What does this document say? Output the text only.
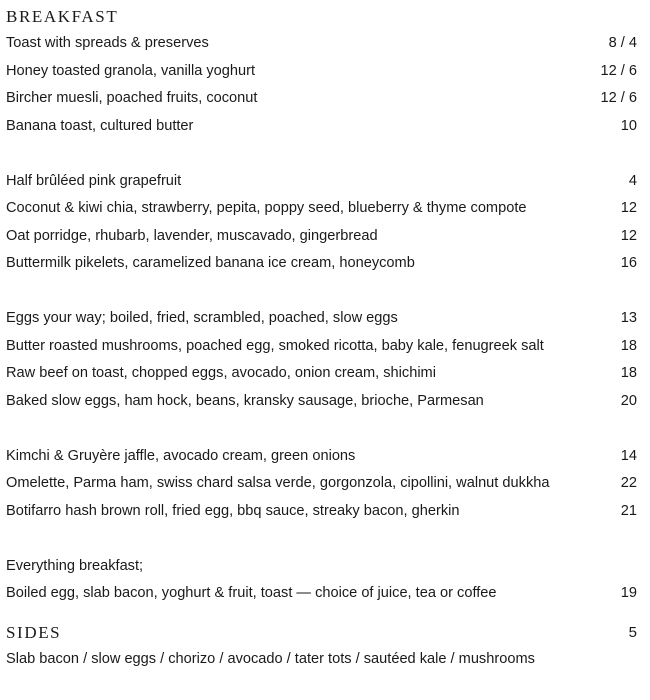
BREAKFAST
Toast with spreads & preserves	8 / 4
Honey toasted granola, vanilla yoghurt	12 / 6
Bircher muesli, poached fruits, coconut	12 / 6
Banana toast, cultured butter	10
Half brûléed pink grapefruit	4
Coconut & kiwi chia, strawberry, pepita, poppy seed, blueberry & thyme compote	12
Oat porridge, rhubarb, lavender, muscavado, gingerbread	12
Buttermilk pikelets, caramelized banana ice cream, honeycomb	16
Eggs your way; boiled, fried, scrambled, poached, slow eggs	13
Butter roasted mushrooms, poached egg, smoked ricotta, baby kale, fenugreek salt	18
Raw beef on toast, chopped eggs, avocado, onion cream, shichimi	18
Baked slow eggs, ham hock, beans, kransky sausage, brioche, Parmesan	20
Kimchi & Gruyère jaffle, avocado cream, green onions	14
Omelette, Parma ham, swiss chard salsa verde, gorgonzola, cipollini, walnut dukkha	22
Botifarro hash brown roll, fried egg, bbq sauce, streaky bacon, gherkin	21
Everything breakfast;
Boiled egg, slab bacon, yoghurt & fruit, toast — choice of juice, tea or coffee	19
SIDES	5
Slab bacon / slow eggs / chorizo / avocado / tater tots / sautéed kale / mushrooms
